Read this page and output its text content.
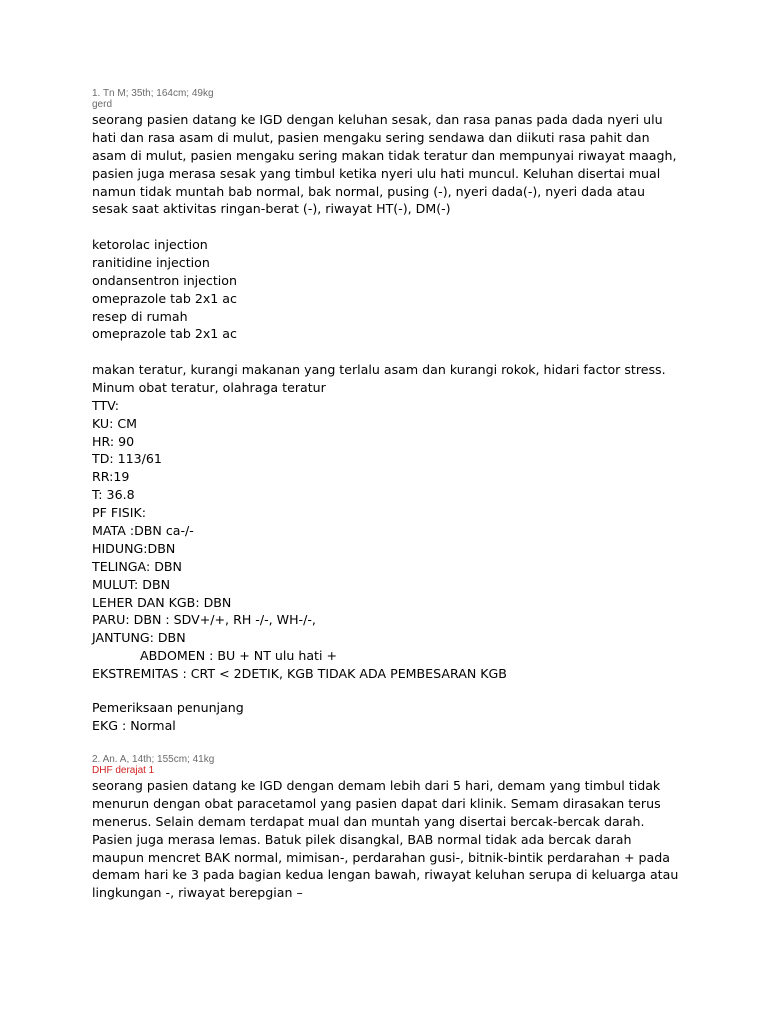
1. Tn M; 35th; 164cm; 49kg
gerd
seorang pasien datang ke IGD dengan keluhan sesak, dan rasa panas pada dada nyeri ulu
hati dan rasa asam di mulut, pasien mengaku sering sendawa dan diikuti rasa pahit dan
asam di mulut, pasien mengaku sering makan tidak teratur dan mempunyai riwayat maagh,
pasien juga merasa sesak yang timbul ketika nyeri ulu hati muncul. Keluhan disertai mual
namun tidak muntah bab normal, bak normal, pusing (-), nyeri dada(-), nyeri dada atau
sesak saat aktivitas ringan-berat (-), riwayat HT(-), DM(-)
ketorolac injection
ranitidine injection
ondansentron injection
omeprazole tab 2x1 ac
resep di rumah
omeprazole tab 2x1 ac
makan teratur, kurangi makanan yang terlalu asam dan kurangi rokok, hidari factor stress.
Minum obat teratur, olahraga teratur
TTV:
KU: CM
HR: 90
TD: 113/61
RR:19
T: 36.8
PF FISIK:
MATA :DBN ca-/-
HIDUNG:DBN
TELINGA: DBN
MULUT: DBN
LEHER DAN KGB: DBN
PARU: DBN : SDV+/+, RH -/-, WH-/-,
JANTUNG: DBN
ABDOMEN : BU + NT ulu hati +
EKSTREMITAS : CRT < 2DETIK, KGB TIDAK ADA PEMBESARAN KGB
Pemeriksaan penunjang
EKG : Normal
2. An. A, 14th; 155cm; 41kg
DHF derajat 1
seorang pasien datang ke IGD dengan demam lebih dari 5 hari, demam yang timbul tidak
menurun dengan obat paracetamol yang pasien dapat dari klinik. Semam dirasakan terus
menerus. Selain demam terdapat mual dan muntah yang disertai bercak-bercak darah.
Pasien juga merasa lemas. Batuk pilek disangkal, BAB normal tidak ada bercak darah
maupun mencret BAK normal, mimisan-, perdarahan gusi-, bitnik-bintik perdarahan + pada
demam hari ke 3 pada bagian kedua lengan bawah, riwayat keluhan serupa di keluarga atau
lingkungan -, riwayat berepgian –
